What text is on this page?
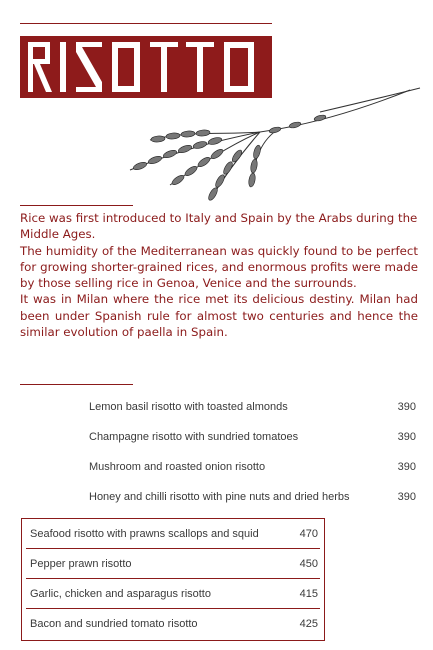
Rice was first introduced to Italy and Spain by the Arabs during the Middle Ages.

The humidity of the Mediterranean was quickly found to be perfect for growing shorter-grained rices, and enormous profits were made by those selling rice in Genoa, Venice and the surrounds.

It was in Milan where the rice met its delicious destiny. Milan had been under Spanish rule for almost two centuries and hence the similar evolution of paella in Spain.

Lemon basil risotto with toasted almonds	390
Champagne risotto with sundried tomatoes	390
Mushroom and roasted onion risotto	390
Honey and chilli risotto with pine nuts and dried herbs	390
Seafood risotto with prawns scallops and squid	470
Pepper prawn risotto	450
Garlic, chicken and asparagus risotto	415
Bacon and sundried tomato risotto	425
